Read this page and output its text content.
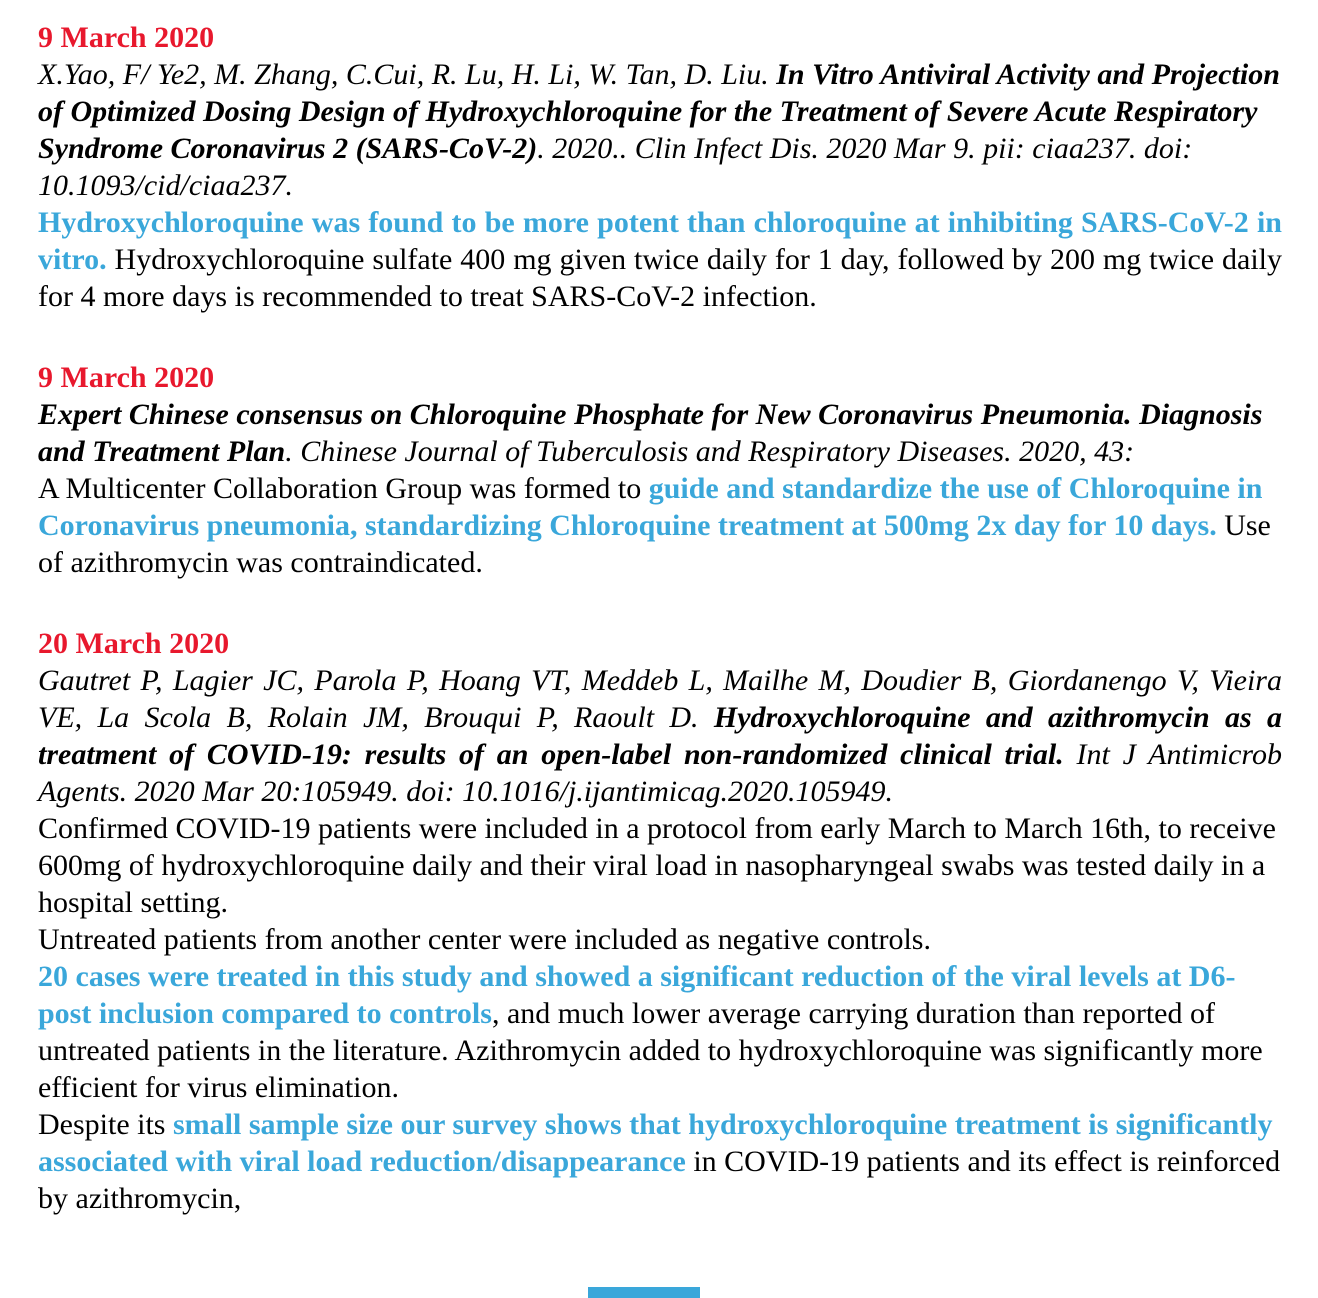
9 March 2020

X.Yao, F/ Ye2, M. Zhang, C.Cui, R. Lu, H. Li, W. Tan, D. Liu. In Vitro Antiviral Activity and Projection of Optimized Dosing Design of Hydroxychloroquine for the Treatment of Severe Acute Respiratory Syndrome Coronavirus 2 (SARS-CoV-2). 2020.. Clin Infect Dis. 2020 Mar 9. pii: ciaa237. doi: 10.1093/cid/ciaa237.

Hydroxychloroquine was found to be more potent than chloroquine at inhibiting SARS-CoV-2 in vitro. Hydroxychloroquine sulfate 400 mg given twice daily for 1 day, followed by 200 mg twice daily for 4 more days is recommended to treat SARS-CoV-2 infection.

9 March 2020

Expert Chinese consensus on Chloroquine Phosphate for New Coronavirus Pneumonia. Diagnosis and Treatment Plan. Chinese Journal of Tuberculosis and Respiratory Diseases. 2020, 43:

A Multicenter Collaboration Group was formed to guide and standardize the use of Chloroquine in Coronavirus pneumonia, standardizing Chloroquine treatment at 500mg 2x day for 10 days. Use of azithromycin was contraindicated.

20 March 2020

Gautret P, Lagier JC, Parola P, Hoang VT, Meddeb L, Mailhe M, Doudier B, Giordanengo V, Vieira VE, La Scola B, Rolain JM, Brouqui P, Raoult D. Hydroxychloroquine and azithromycin as a treatment of COVID-19: results of an open-label non-randomized clinical trial. Int J Antimicrob Agents. 2020 Mar 20:105949. doi: 10.1016/j.ijantimicag.2020.105949.

Confirmed COVID-19 patients were included in a protocol from early March to March 16th, to receive 600mg of hydroxychloroquine daily and their viral load in nasopharyngeal swabs was tested daily in a hospital setting.

Untreated patients from another center were included as negative controls.

20 cases were treated in this study and showed a significant reduction of the viral levels at D6-post inclusion compared to controls, and much lower average carrying duration than reported of untreated patients in the literature. Azithromycin added to hydroxychloroquine was significantly more efficient for virus elimination.

Despite its small sample size our survey shows that hydroxychloroquine treatment is significantly associated with viral load reduction/disappearance in COVID-19 patients and its effect is reinforced by azithromycin,
